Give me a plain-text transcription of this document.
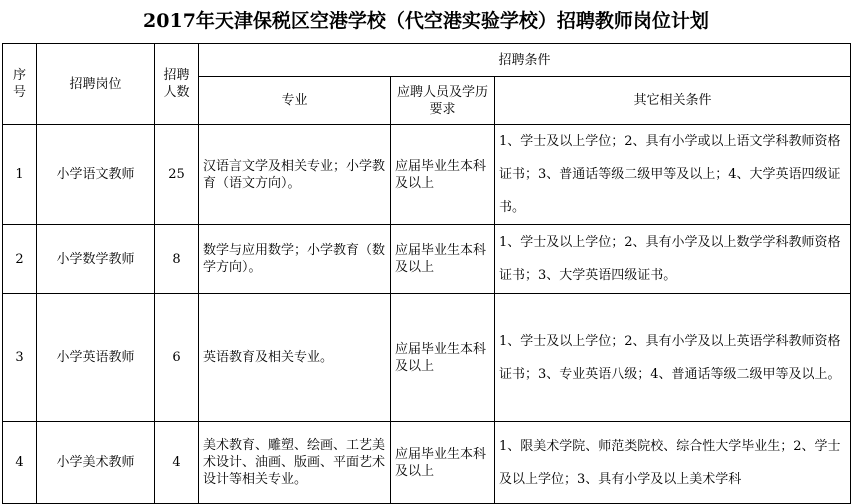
2017年天津保税区空港学校（代空港实验学校）招聘教师岗位计划
序号	招聘岗位	招聘人数	招聘条件		
			专业	应聘人员及学历要求	其它相关条件
1	小学语文教师	25	汉语言文学及相关专业；小学教育（语文方向）。	应届毕业生本科及以上	1、学士及以上学位；2、具有小学或以上语文学科教师资格证书；3、普通话等级二级甲等及以上；4、大学英语四级证书。
2	小学数学教师	8	数学与应用数学；小学教育（数学方向）。	应届毕业生本科及以上	1、学士及以上学位；2、具有小学及以上数学学科教师资格证书；3、大学英语四级证书。
3	小学英语教师	6	英语教育及相关专业。	应届毕业生本科及以上	1、学士及以上学位；2、具有小学及以上英语学科教师资格证书；3、专业英语八级；4、普通话等级二级甲等及以上。
4	小学美术教师	4	美术教育、雕塑、绘画、工艺美术设计、油画、版画、平面艺术设计等相关专业。	应届毕业生本科及以上	1、限美术学院、师范类院校、综合性大学毕业生；2、学士及以上学位；3、具有小学及以上美术学科
